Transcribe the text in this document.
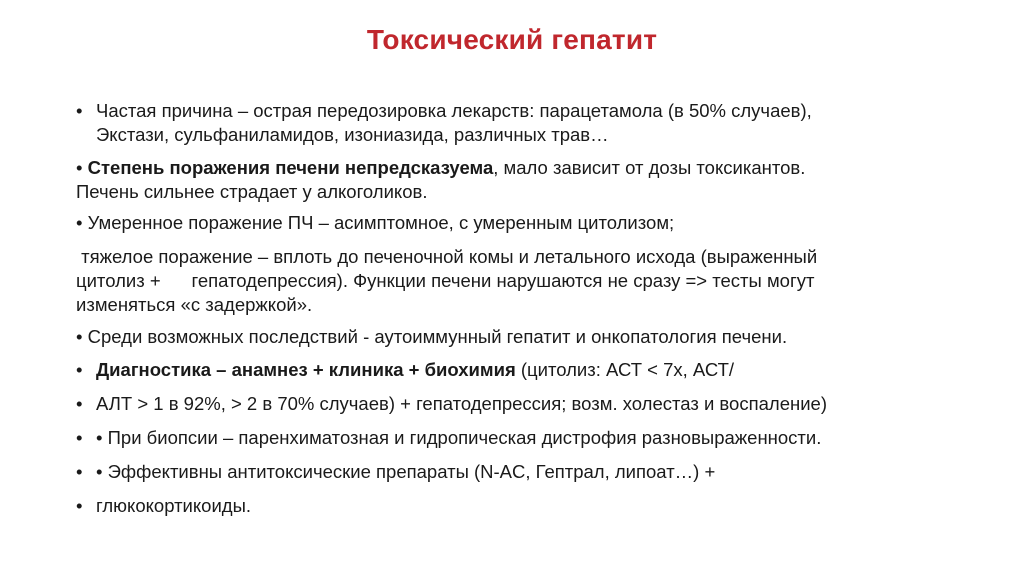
Токсический гепатит
• Частая причина – острая передозировка лекарств: парацетамола (в 50% случаев),
Экстази, сульфаниламидов, изониазида, различных трав…
• Степень поражения печени непредсказуема, мало зависит от дозы токсикантов.
Печень сильнее страдает у алкоголиков.
• Умеренное поражение ПЧ – асимптомное, с умеренным цитолизом;
тяжелое поражение – вплоть до печеночной комы и летального исхода (выраженный
цитолиз +      гепатодепрессия). Функции печени нарушаются не сразу => тесты могут
изменяться «с задержкой».
• Среди возможных последствий - аутоиммунный гепатит и онкопатология печени.
• Диагностика – анамнез + клиника + биохимия (цитолиз: АСТ < 7х, АСТ/
• АЛТ > 1 в 92%, > 2 в 70% случаев) + гепатодепрессия; возм. холестаз и воспаление)
• • При биопсии – паренхиматозная и гидропическая дистрофия разновыраженности.
• • Эффективны антитоксические препараты (N-AC, Гептрал, липоат…) +
• глюкокортикоиды.
